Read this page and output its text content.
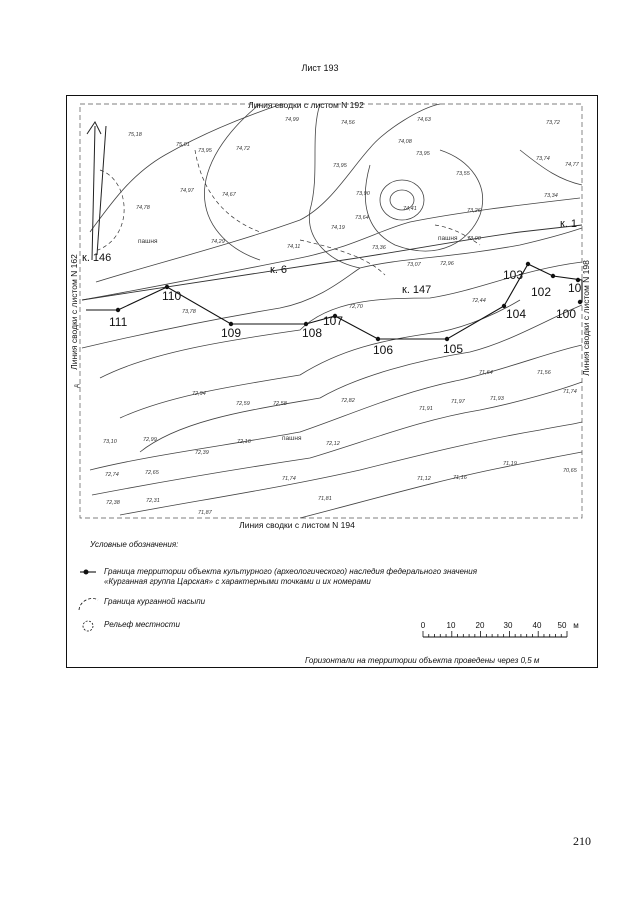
Лист 193
Линия сводки с листом N 192
Линия сводки с листом N 194
Линия сводки с листом N 162	Линия сводки с листом N 198
д
к. 146
к. 6
к. 147
к. 1
пашня	пашня
пашня
111
110
109	108
107
106	105
104
103
102 10
100
75,18
75,01
74,99	74,56	74,63
73,95	74,72
74,08
73,95
73,72
73,74
74,77
74,97
74,67
73,95
73,55
73,34
74,78
73,90
74,41
73,64
74,19
73,26
74,29
74,11	73,36
73,00
73,07	72,96
72,44
73,78
72,70
72,94
72,59	72,58	72,82
71,64	71,56
71,91
71,97	71,93
71,74
73,10	72,99	72,16	72,12
72,39
72,74	72,65
71,74	71,12	71,16
71,19
70,65
72,38	72,31
71,87
71,81
0	10	20 30	40 50 м
Условные обозначения:
Граница территории объекта культурного (археологического) наследия федерального значения
«Курганная группа Царская» с характерными точками и их номерами
Граница курганной насыпи
Рельеф местности
Горизонтали на территории объекта проведены через 0,5 м
210
